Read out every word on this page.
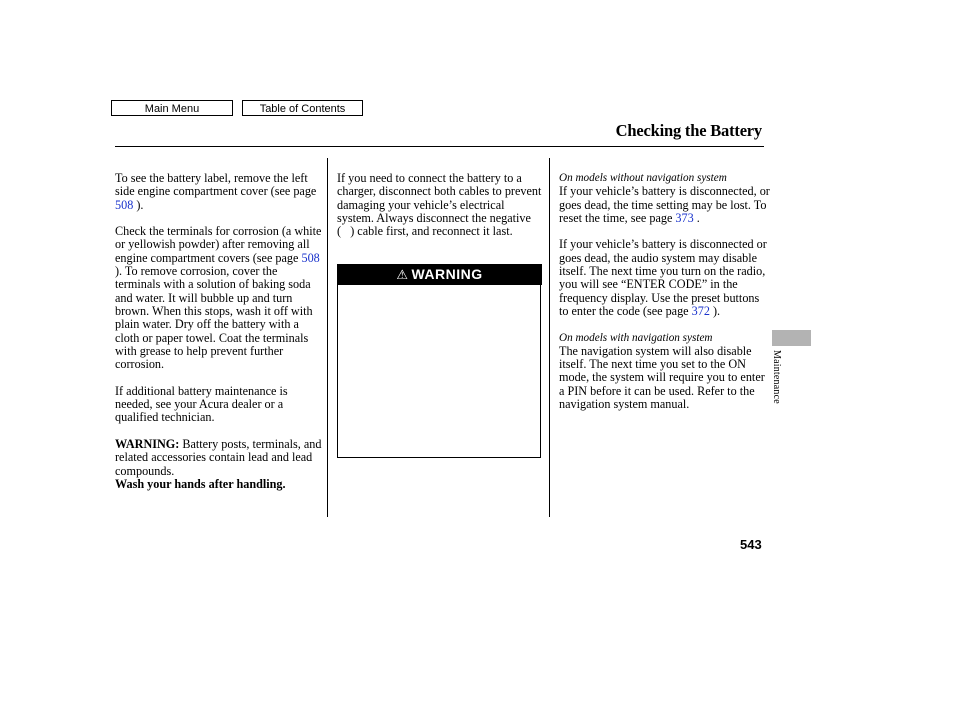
Main Menu	Table of Contents
Checking the Battery

To see the battery label, remove the left side engine compartment cover (see page 508 ).

Check the terminals for corrosion (a white or yellowish powder) after removing all engine compartment covers (see page 508 ). To remove corrosion, cover the terminals with a solution of baking soda and water. It will bubble up and turn brown. When this stops, wash it off with plain water. Dry off the battery with a cloth or paper towel. Coat the terminals with grease to help prevent further corrosion.

If additional battery maintenance is needed, see your Acura dealer or a qualified technician.

WARNING: Battery posts, terminals, and related accessories contain lead and lead compounds.
Wash your hands after handling.

If you need to connect the battery to a charger, disconnect both cables to prevent damaging your vehicle’s electrical system. Always disconnect the negative (   ) cable first, and reconnect it last.

⚠ WARNING

On models without navigation system

If your vehicle’s battery is disconnected, or goes dead, the time setting may be lost. To reset the time, see page 373 .

If your vehicle’s battery is disconnected or goes dead, the audio system may disable itself. The next time you turn on the radio, you will see “ENTER CODE” in the frequency display. Use the preset buttons to enter the code (see page 372 ).

On models with navigation system

The navigation system will also disable itself. The next time you set to the ON mode, the system will require you to enter a PIN before it can be used. Refer to the navigation system manual.

Maintenance
543
